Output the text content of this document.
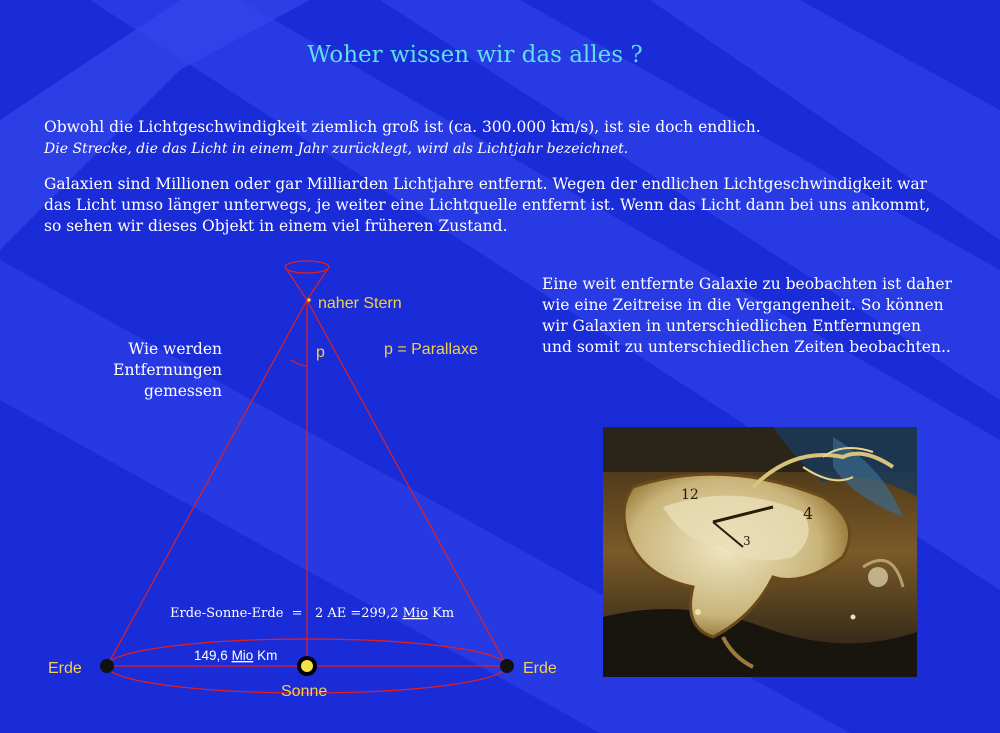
Woher wissen wir das alles ?
Obwohl die Lichtgeschwindigkeit ziemlich groß ist (ca. 300.000 km/s), ist sie doch endlich.
Die Strecke, die das Licht in einem Jahr zurücklegt, wird als Lichtjahr bezeichnet.
Galaxien sind Millionen oder gar Milliarden Lichtjahre entfernt. Wegen der endlichen Lichtgeschwindigkeit war das Licht umso länger unterwegs, je weiter eine Lichtquelle entfernt ist. Wenn das Licht dann bei uns ankommt, so sehen wir dieses Objekt in einem viel früheren Zustand.
Wie werden Entfernungen gemessen
Eine weit entfernte Galaxie zu beobachten ist daher wie eine Zeitreise in die Vergangenheit. So können wir Galaxien in unterschiedlichen Entfernungen und somit zu unterschiedlichen Zeiten beobachten..
naher Stern
p	p = Parallaxe
Erde	Erde
Sonne
149,6 Mio Km
Erde-Sonne-Erde  =   2 AE =299,2 Mio Km
12
4
3
